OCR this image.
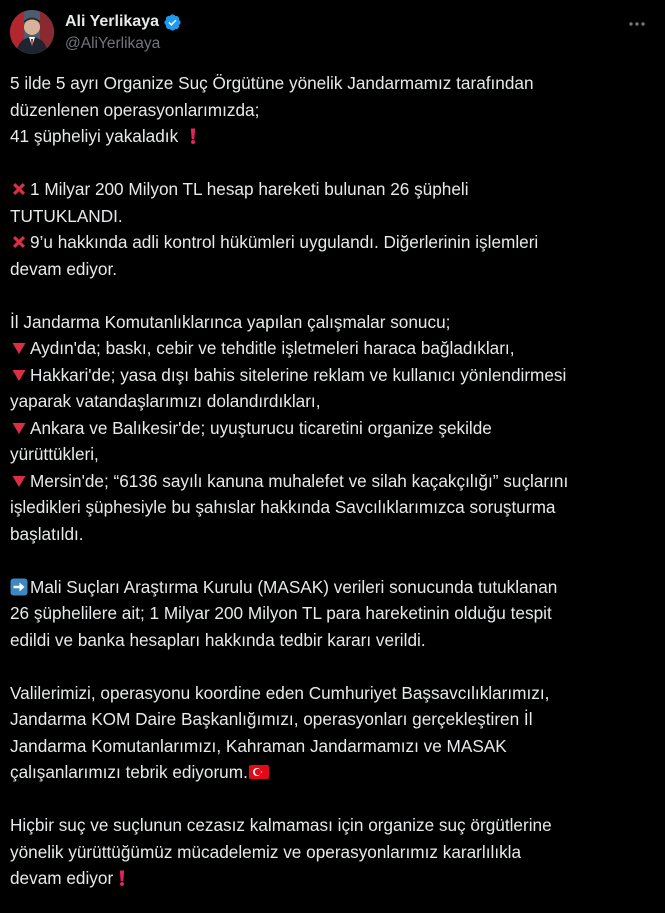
Ali Yerlikaya
@AliYerlikaya
5 ilde 5 ayrı Organize Suç Örgütüne yönelik Jandarmamız tarafından
düzenlenen operasyonlarımızda;
41 şüpheliyi yakaladık
1 Milyar 200 Milyon TL hesap hareketi bulunan 26 şüpheli
TUTUKLANDI.
9’u hakkında adli kontrol hükümleri uygulandı. Diğerlerinin işlemleri
devam ediyor.
İl Jandarma Komutanlıklarınca yapılan çalışmalar sonucu;
Aydın'da; baskı, cebir ve tehditle işletmeleri haraca bağladıkları,
Hakkari'de; yasa dışı bahis sitelerine reklam ve kullanıcı yönlendirmesi
yaparak vatandaşlarımızı dolandırdıkları,
Ankara ve Balıkesir'de; uyuşturucu ticaretini organize şekilde
yürüttükleri,
Mersin'de; “6136 sayılı kanuna muhalefet ve silah kaçakçılığı” suçlarını
işledikleri şüphesiyle bu şahıslar hakkında Savcılıklarımızca soruşturma
başlatıldı.
Mali Suçları Araştırma Kurulu (MASAK) verileri sonucunda tutuklanan
26 şüphelilere ait; 1 Milyar 200 Milyon TL para hareketinin olduğu tespit
edildi ve banka hesapları hakkında tedbir kararı verildi.
Valilerimizi, operasyonu koordine eden Cumhuriyet Başsavcılıklarımızı,
Jandarma KOM Daire Başkanlığımızı, operasyonları gerçekleştiren İl
Jandarma Komutanlarımızı, Kahraman Jandarmamızı ve MASAK
çalışanlarımızı tebrik ediyorum.
Hiçbir suç ve suçlunun cezasız kalmaması için organize suç örgütlerine
yönelik yürüttüğümüz mücadelemiz ve operasyonlarımız kararlılıkla
devam ediyor
